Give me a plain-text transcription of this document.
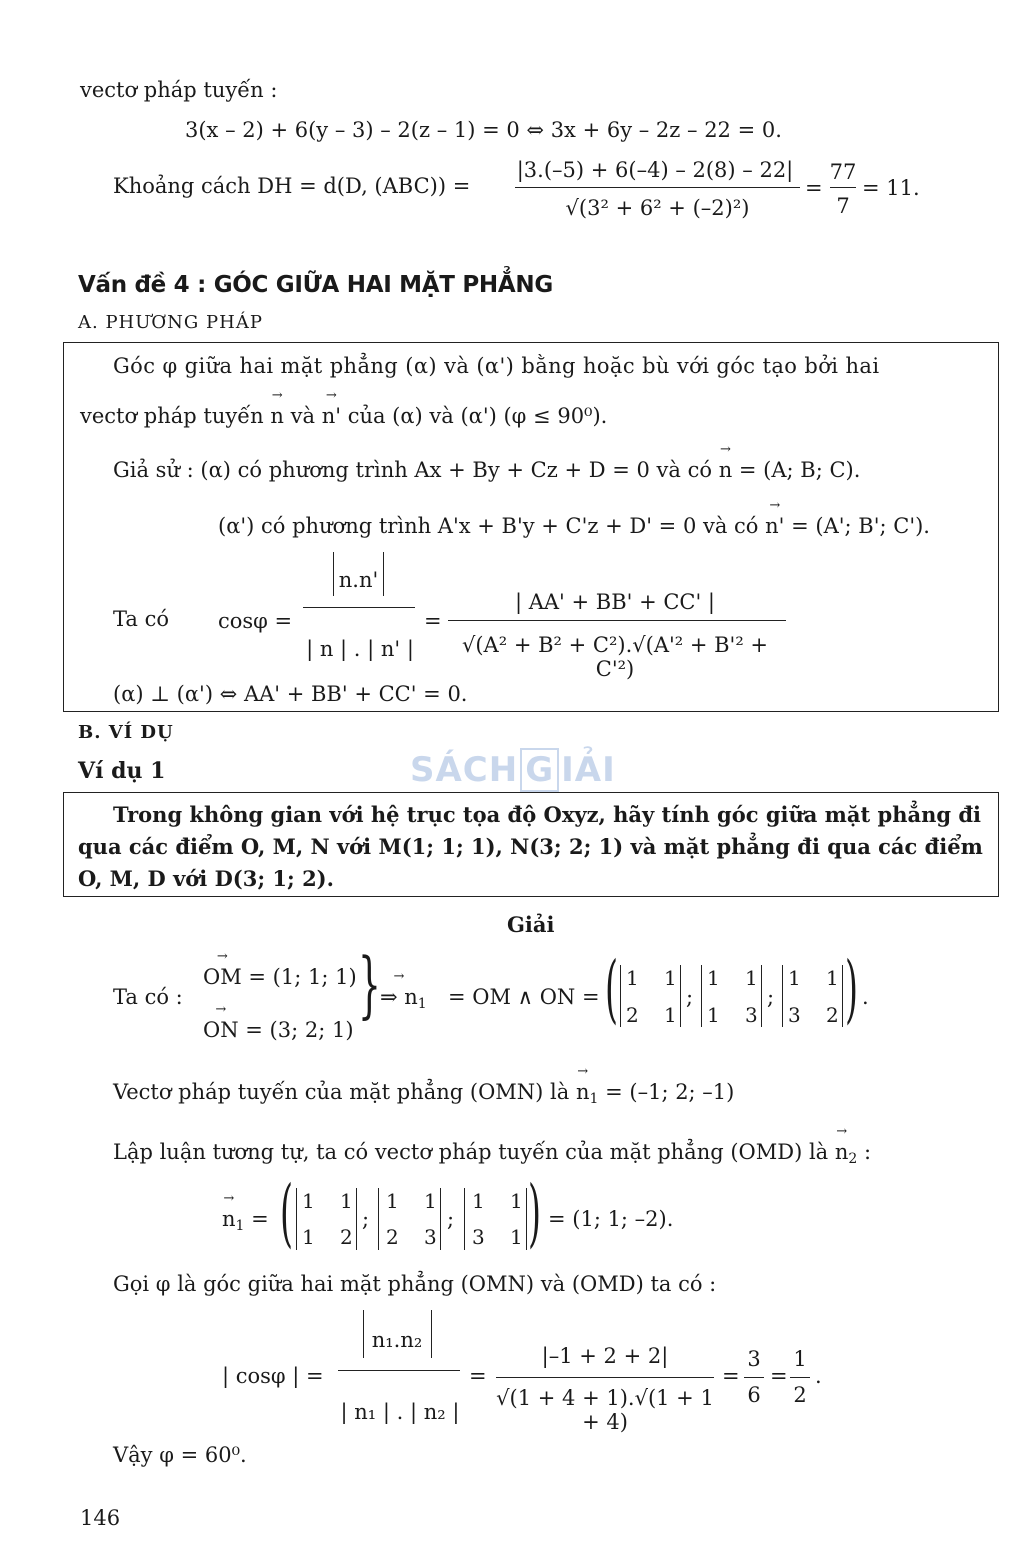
vectơ pháp tuyến :
3(x – 2) + 6(y – 3) – 2(z – 1) = 0 ⇔ 3x + 6y – 2z – 22 = 0.
Khoảng cách DH = d(D, (ABC)) =
|3.(–5) + 6(–4) – 2(8) – 22|
√(3² + 6² + (–2)²)
=
77
7
= 11.
Vấn đề 4 : GÓC GIỮA HAI MẶT PHẲNG
A. PHƯƠNG PHÁP
Góc φ giữa hai mặt phẳng (α) và (α') bằng hoặc bù với góc tạo bởi hai
vectơ pháp tuyến → n và → n' của (α) và (α') (φ ≤ 90⁰).
Giả sử : (α) có phương trình Ax + By + Cz + D = 0 và có → n = (A; B; C).
(α') có phương trình A'x + B'y + C'z + D' = 0 và có → n' = (A'; B'; C').
Ta có cosφ =
n.n'
| n | . | n' |
=
| AA' + BB' + CC' |
√(A² + B² + C²).√(A'² + B'² + C'²)
(α) ⊥ (α') ⇔ AA' + BB' + CC' = 0.
B. VÍ DỤ
SÁCH G IẢI
Ví dụ 1
Trong không gian với hệ trục tọa độ Oxyz, hãy tính góc giữa mặt phẳng đi
qua các điểm O, M, N với M(1; 1; 1), N(3; 2; 1) và mặt phẳng đi qua các điểm
O, M, D với D(3; 1; 2).
Giải
Ta có :
→ OM = (1; 1; 1)
→ ON = (3; 2; 1)
} → ⇒ $n_1$ = OM ∧ ON = ( 1 1
2 1
;
1 1
1 3
;
1 1
3 2 ) .
Vectơ pháp tuyến của mặt phẳng (OMN) là → $n_1 = (-1$; 2; –1)
Lập luận tương tự, ta có vectơ pháp tuyến của mặt phẳng (OMD) là → $n_2$ :
→ $n_1$ = ( 1 1
1 2
;
1 1
2 3
;
1 1
3 1 ) = (1; 1; –2).
Gọi φ là góc giữa hai mặt phẳng (OMN) và (OMD) ta có :
| cosφ | =
n₁.n₂
| n₁ | . | n₂ |
=
|–1 + 2 + 2|
√(1 + 4 + 1).√(1 + 1 + 4)
=
3
6
=
1
2
.
Vậy φ = 60⁰.
146
